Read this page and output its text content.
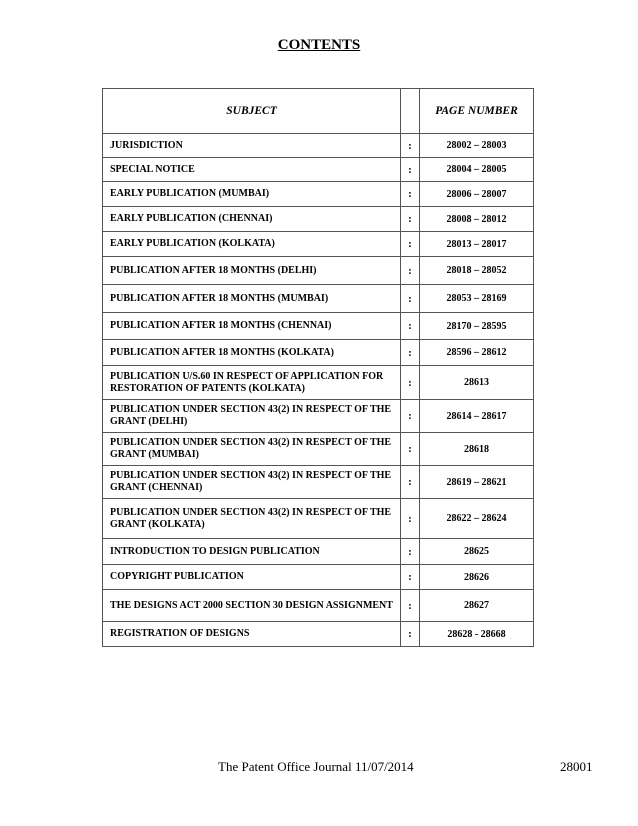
CONTENTS
SUBJECT		PAGE NUMBER
JURISDICTION	:	28002 – 28003
SPECIAL NOTICE	:	28004 – 28005
EARLY PUBLICATION (MUMBAI)	:	28006 – 28007
EARLY PUBLICATION (CHENNAI)	:	28008 – 28012
EARLY PUBLICATION (KOLKATA)	:	28013 – 28017
PUBLICATION AFTER 18 MONTHS (DELHI)	:	28018 – 28052
PUBLICATION AFTER 18 MONTHS (MUMBAI)	:	28053 – 28169
PUBLICATION AFTER 18 MONTHS (CHENNAI)	:	28170 – 28595
PUBLICATION AFTER 18 MONTHS (KOLKATA)	:	28596 – 28612
PUBLICATION U/S.60 IN RESPECT OF APPLICATION FOR RESTORATION OF PATENTS (KOLKATA)	:	28613
PUBLICATION UNDER SECTION 43(2) IN RESPECT OF THE GRANT (DELHI)	:	28614 – 28617
PUBLICATION UNDER SECTION 43(2) IN RESPECT OF THE GRANT (MUMBAI)	:	28618
PUBLICATION UNDER SECTION 43(2) IN RESPECT OF THE GRANT (CHENNAI)	:	28619 – 28621
PUBLICATION UNDER SECTION 43(2) IN RESPECT OF THE GRANT (KOLKATA)	:	28622 – 28624
INTRODUCTION TO DESIGN PUBLICATION	:	28625
COPYRIGHT PUBLICATION	:	28626
THE DESIGNS ACT 2000 SECTION 30 DESIGN ASSIGNMENT	:	28627
REGISTRATION OF DESIGNS	:	28628 - 28668
The Patent Office Journal 11/07/2014	28001
